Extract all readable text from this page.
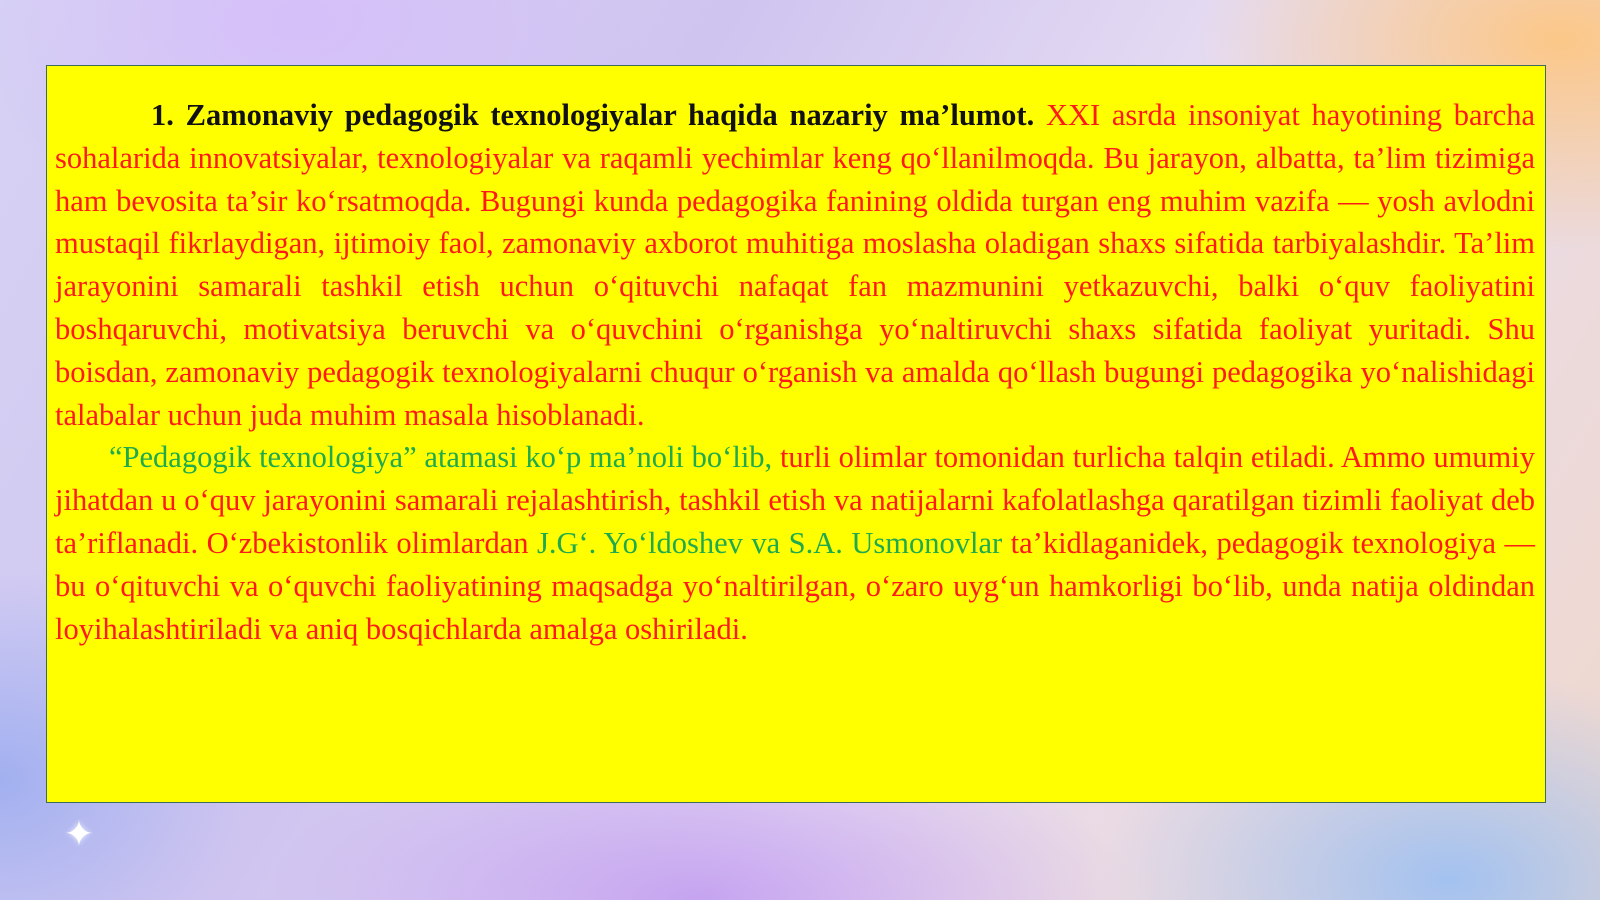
1. Zamonaviy pedagogik texnologiyalar haqida nazariy ma’lumot. XXI asrda insoniyat hayotining barcha sohalarida innovatsiyalar, texnologiyalar va raqamli yechimlar keng qo‘llanilmoqda. Bu jarayon, albatta, ta’lim tizimiga ham bevosita ta’sir ko‘rsatmoqda. Bugungi kunda pedagogika fanining oldida turgan eng muhim vazifa — yosh avlodni mustaqil fikrlaydigan, ijtimoiy faol, zamonaviy axborot muhitiga moslasha oladigan shaxs sifatida tarbiyalashdir. Ta’lim jarayonini samarali tashkil etish uchun o‘qituvchi nafaqat fan mazmunini yetkazuvchi, balki o‘quv faoliyatini boshqaruvchi, motivatsiya beruvchi va o‘quvchini o‘rganishga yo‘naltiruvchi shaxs sifatida faoliyat yuritadi. Shu boisdan, zamonaviy pedagogik texnologiyalarni chuqur o‘rganish va amalda qo‘llash bugungi pedagogika yo‘nalishidagi talabalar uchun juda muhim masala hisoblanadi.

“Pedagogik texnologiya” atamasi ko‘p ma’noli bo‘lib, turli olimlar tomonidan turlicha talqin etiladi. Ammo umumiy jihatdan u o‘quv jarayonini samarali rejalashtirish, tashkil etish va natijalarni kafolatlashga qaratilgan tizimli faoliyat deb ta’riflanadi. O‘zbekistonlik olimlardan J.G‘. Yo‘ldoshev va S.A. Usmonovlar ta’kidlaganidek, pedagogik texnologiya — bu o‘qituvchi va o‘quvchi faoliyatining maqsadga yo‘naltirilgan, o‘zaro uyg‘un hamkorligi bo‘lib, unda natija oldindan loyihalashtiriladi va aniq bosqichlarda amalga oshiriladi.

✦
